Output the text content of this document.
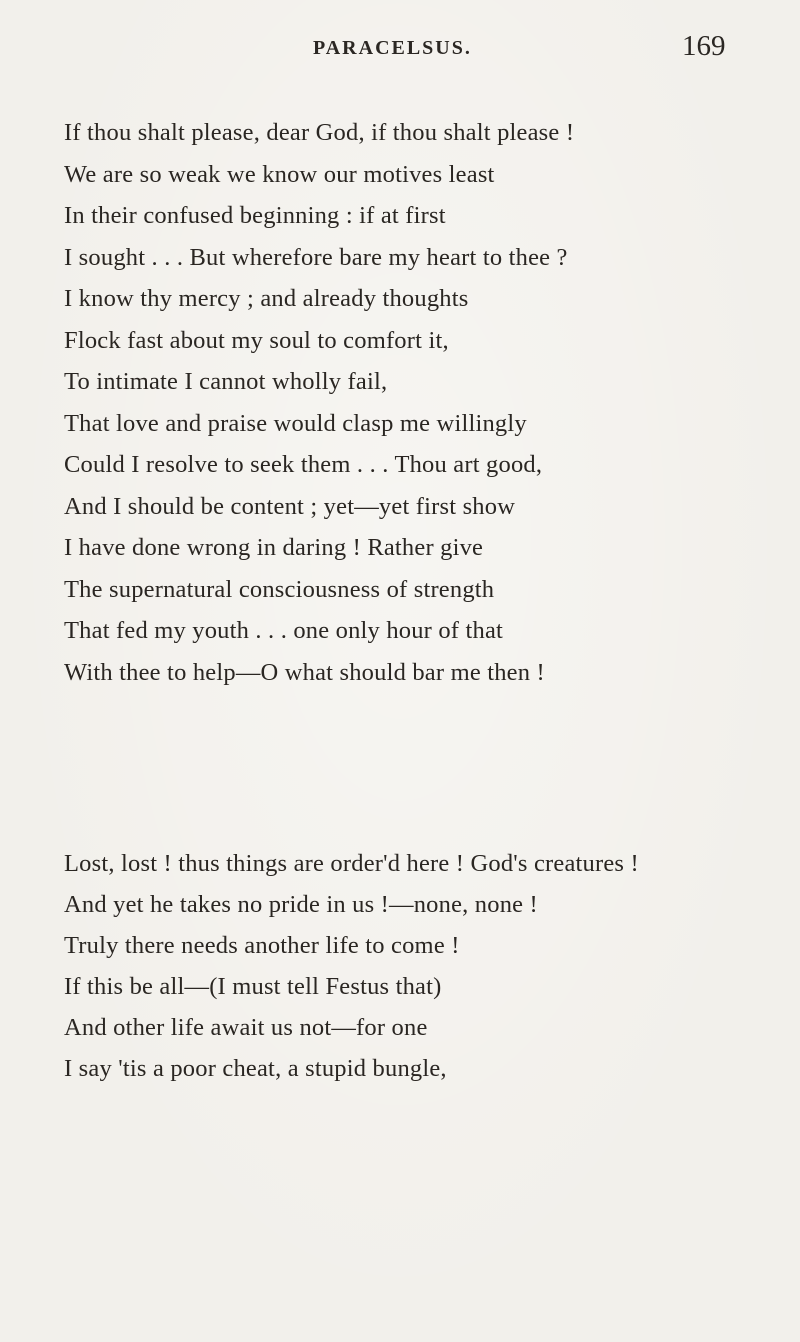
PARACELSUS.	169
If thou shalt please, dear God, if thou shalt please !
We are so weak we know our motives least
In their confused beginning : if at first
I sought . . . But wherefore bare my heart to thee ?
I know thy mercy ; and already thoughts
Flock fast about my soul to comfort it,
To intimate I cannot wholly fail,
That love and praise would clasp me willingly
Could I resolve to seek them . . . Thou art good,
And I should be content ; yet—yet first show
I have done wrong in daring ! Rather give
The supernatural consciousness of strength
That fed my youth . . . one only hour of that
With thee to help—O what should bar me then !
Lost, lost ! thus things are order'd here ! God's creatures !
And yet he takes no pride in us !—none, none !
Truly there needs another life to come !
If this be all—(I must tell Festus that)
And other life await us not—for one
I say 'tis a poor cheat, a stupid bungle,
